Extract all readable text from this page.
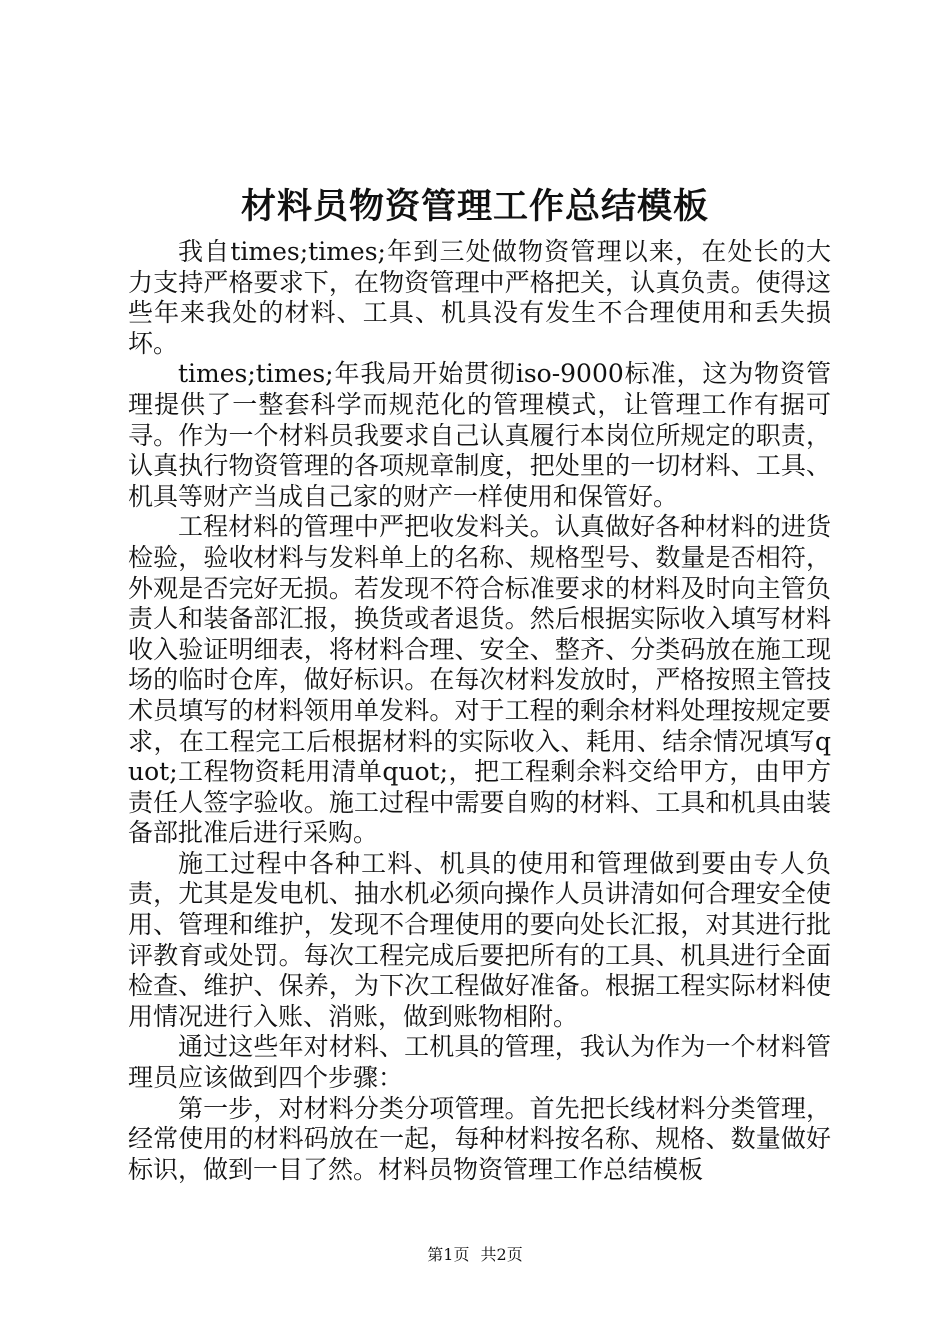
材料员物资管理工作总结模板

我自times;times;年到三处做物资管理以来，在处长的大力支持严格要求下，在物资管理中严格把关，认真负责。使得这些年来我处的材料、工具、机具没有发生不合理使用和丢失损坏。

times;times;年我局开始贯彻iso-9000标准，这为物资管理提供了一整套科学而规范化的管理模式，让管理工作有据可寻。作为一个材料员我要求自己认真履行本岗位所规定的职责，认真执行物资管理的各项规章制度，把处里的一切材料、工具、机具等财产当成自己家的财产一样使用和保管好。

工程材料的管理中严把收发料关。认真做好各种材料的进货检验，验收材料与发料单上的名称、规格型号、数量是否相符，外观是否完好无损。若发现不符合标准要求的材料及时向主管负责人和装备部汇报，换货或者退货。然后根据实际收入填写材料收入验证明细表，将材料合理、安全、整齐、分类码放在施工现场的临时仓库，做好标识。在每次材料发放时，严格按照主管技术员填写的材料领用单发料。对于工程的剩余材料处理按规定要求，在工程完工后根据材料的实际收入、耗用、结余情况填写quot;工程物资耗用清单quot;，把工程剩余料交给甲方，由甲方责任人签字验收。施工过程中需要自购的材料、工具和机具由装备部批准后进行采购。

施工过程中各种工料、机具的使用和管理做到要由专人负责，尤其是发电机、抽水机必须向操作人员讲清如何合理安全使用、管理和维护，发现不合理使用的要向处长汇报，对其进行批评教育或处罚。每次工程完成后要把所有的工具、机具进行全面检查、维护、保养，为下次工程做好准备。根据工程实际材料使用情况进行入账、消账，做到账物相附。

通过这些年对材料、工机具的管理，我认为作为一个材料管理员应该做到四个步骤：

第一步，对材料分类分项管理。首先把长线材料分类管理，经常使用的材料码放在一起，每种材料按名称、规格、数量做好标识，做到一目了然。材料员物资管理工作总结模板

第1页 共2页
